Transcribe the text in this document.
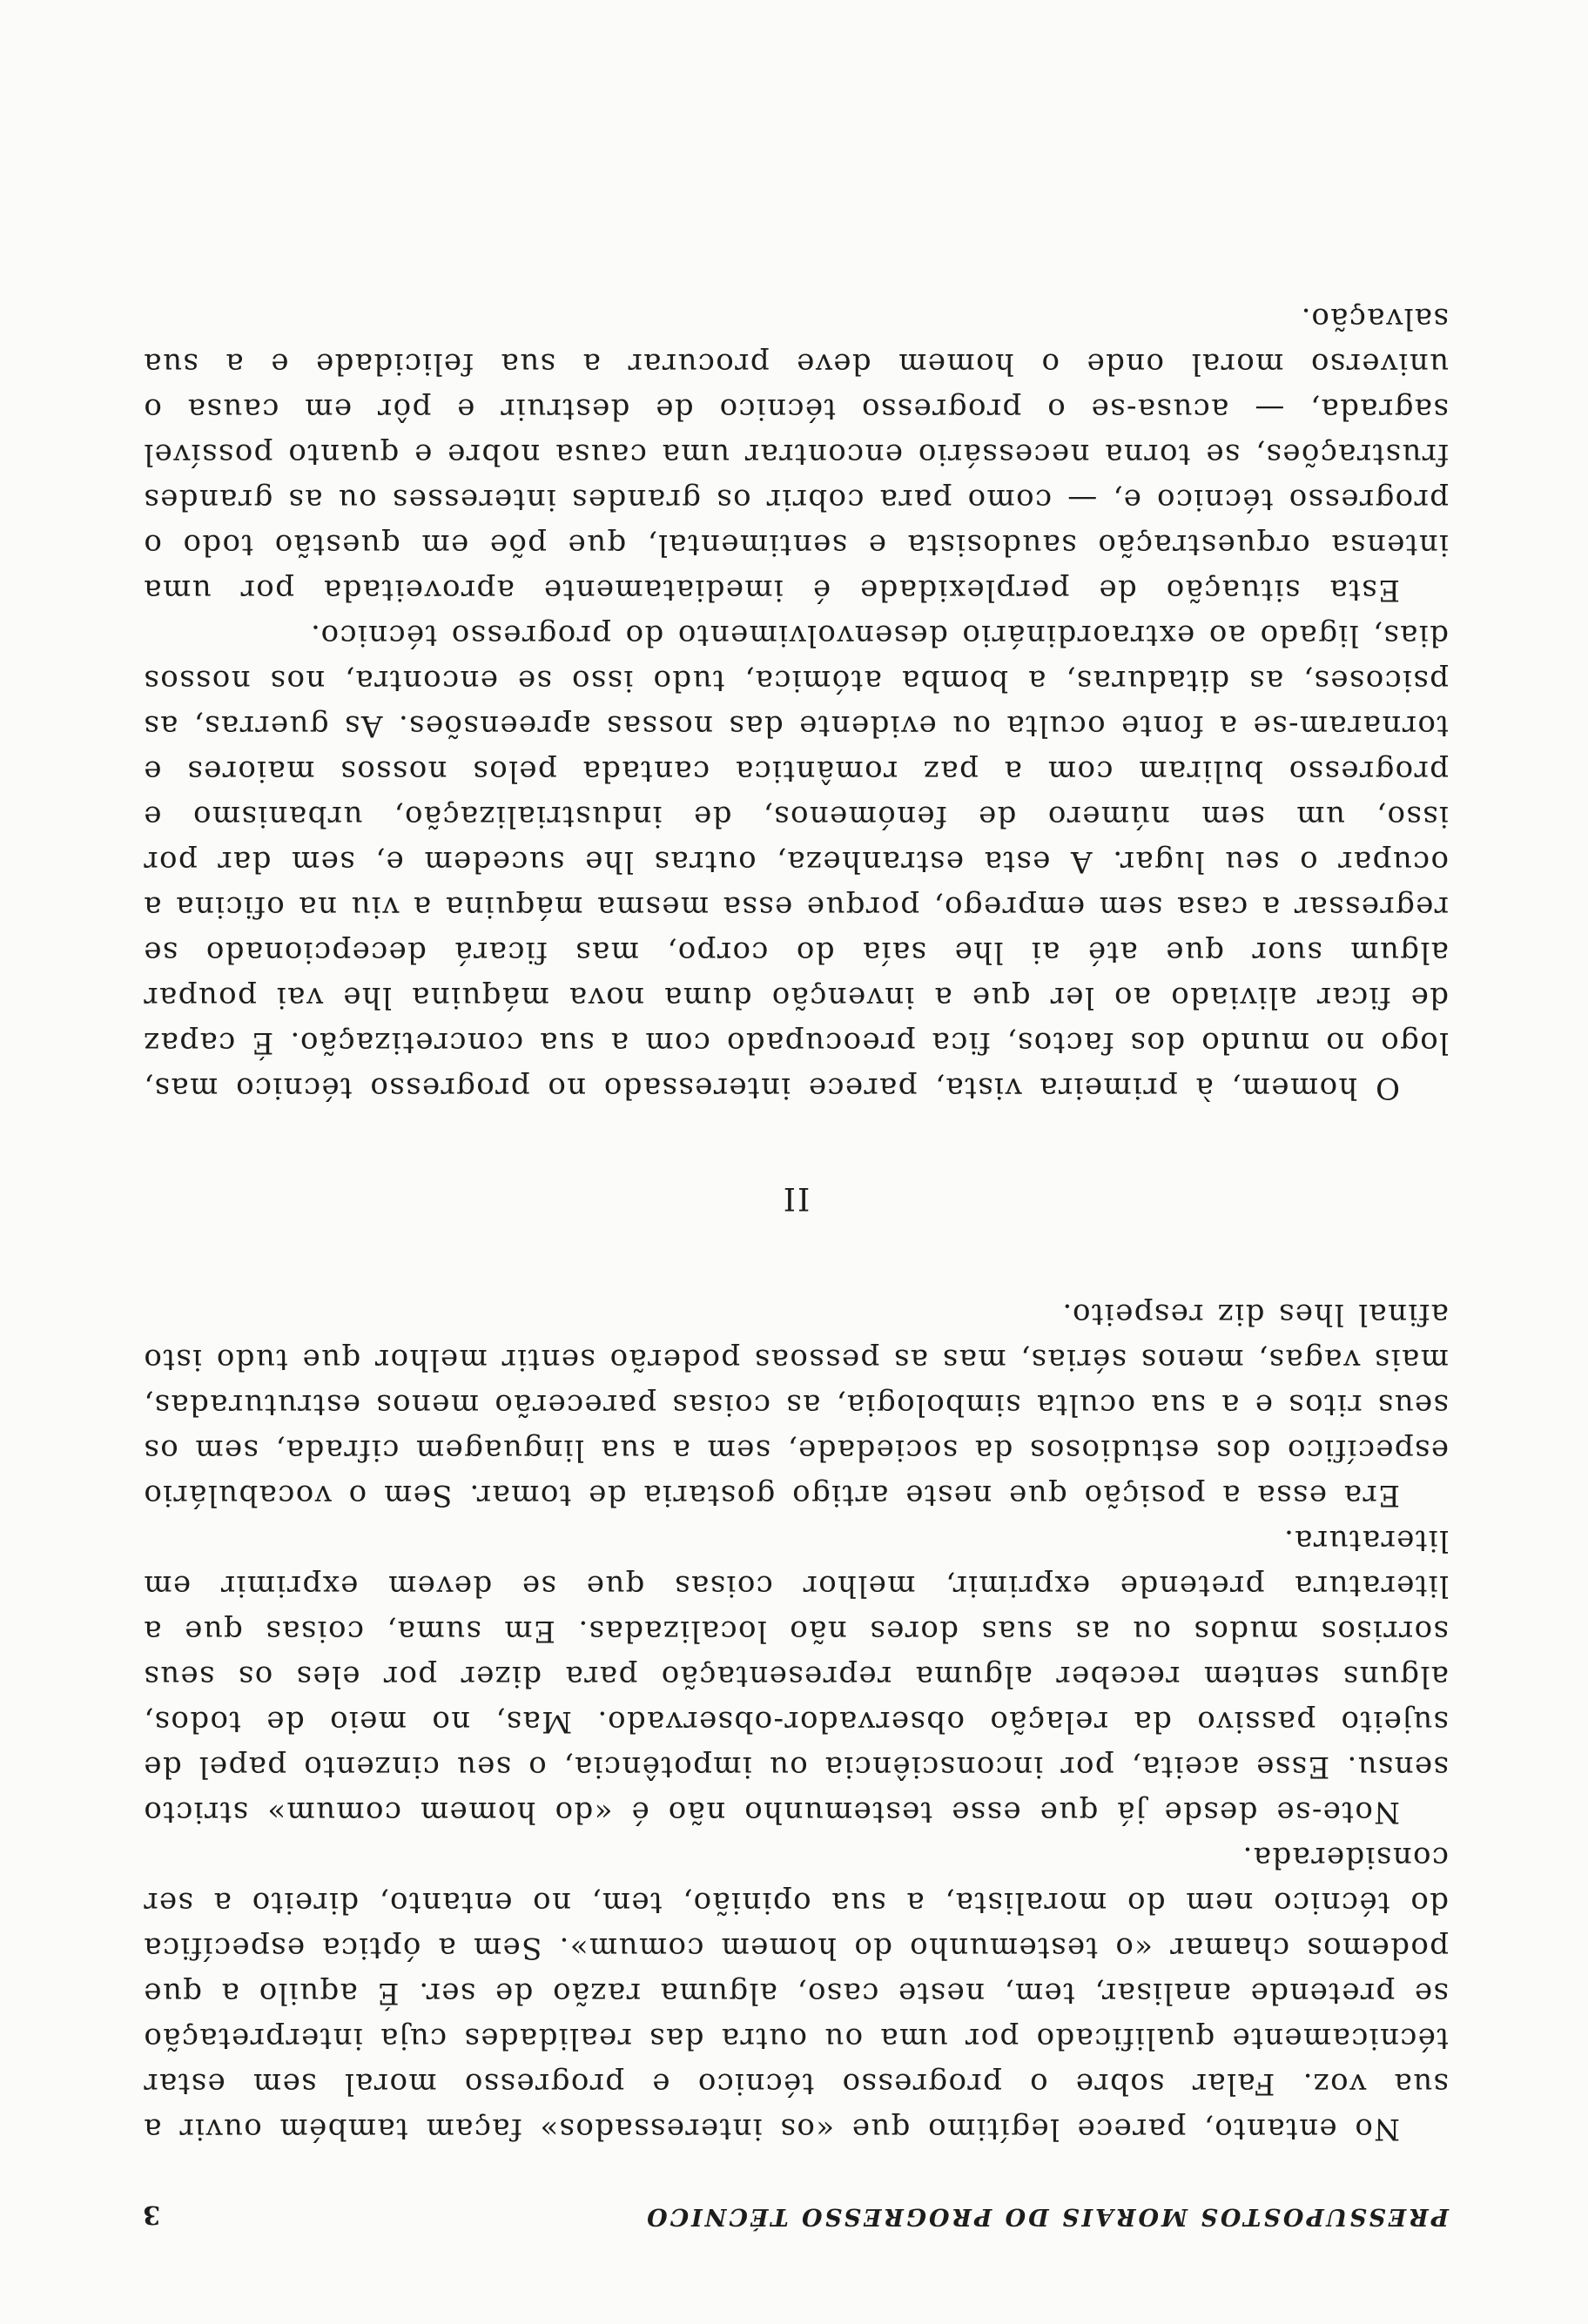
PRESSUPOSTOS MORAIS DO PROGRESSO TÉCNICO
3

No entanto, parece legítimo que «os interessados» façam também ouvir a sua voz. Falar sobre o progresso técnico e progresso moral sem estar técnicamente qualificado por uma ou outra das realidades cuja interpretação se pretende analisar, tem, neste caso, alguma razão de ser. É aquilo a que podemos chamar «o testemunho do homem comum». Sem a óptica específica do técnico nem do moralista, a sua opinião, tem, no entanto, direito a ser considerada.

Note-se desde já que esse testemunho não é «do homem comum» stricto sensu. Esse aceita, por inconsciência ou impotência, o seu cinzento papel de sujeito passivo da relação observador-observado. Mas, no meio de todos, alguns sentem receber alguma representação para dizer por eles os seus sorrisos mudos ou as suas dores não localizadas. Em suma, coisas que a literatura pretende exprimir, melhor coisas que se devem exprimir em literatura.

Era essa a posição que neste artigo gostaria de tomar. Sem o vocabulário específico dos estudiosos da sociedade, sem a sua linguagem cifrada, sem os seus ritos e a sua oculta simbologia, as coisas parecerão menos estruturadas, mais vagas, menos sérias, mas as pessoas poderão sentir melhor que tudo isto afinal lhes diz respeito.

II

O homem, à primeira vista, parece interessado no progresso técnico mas, logo no mundo dos factos, fica preocupado com a sua concretização. É capaz de ficar aliviado ao ler que a invenção duma nova máquina lhe vai poupar algum suor que até ai lhe saía do corpo, mas ficará decepcionado se regressar a casa sem emprego, porque essa mesma máquina a viu na oficina a ocupar o seu lugar. A esta estranheza, outras lhe sucedem e, sem dar por isso, um sem número de fenómenos, de industrialização, urbanismo e progresso buliram com a paz romântica cantada pelos nossos maiores e tornaram-se a fonte oculta ou evidente das nossas apreensões. As guerras, as psicoses, as ditaduras, a bomba atómica, tudo isso se encontra, nos nossos dias, ligado ao extraordinário desenvolvimento do progresso técnico.

Esta situação de perplexidade é imediatamente aproveitada por uma intensa orquestração saudosista e sentimental, que põe em questão todo o progresso técnico e, — como para cobrir os grandes interesses ou as grandes frustrações, se torna necessário encontrar uma causa nobre e quanto possível sagrada, — acusa-se o progresso técnico de destruir e pôr em causa o universo moral onde o homem deve procurar a sua felicidade e a sua salvação.
